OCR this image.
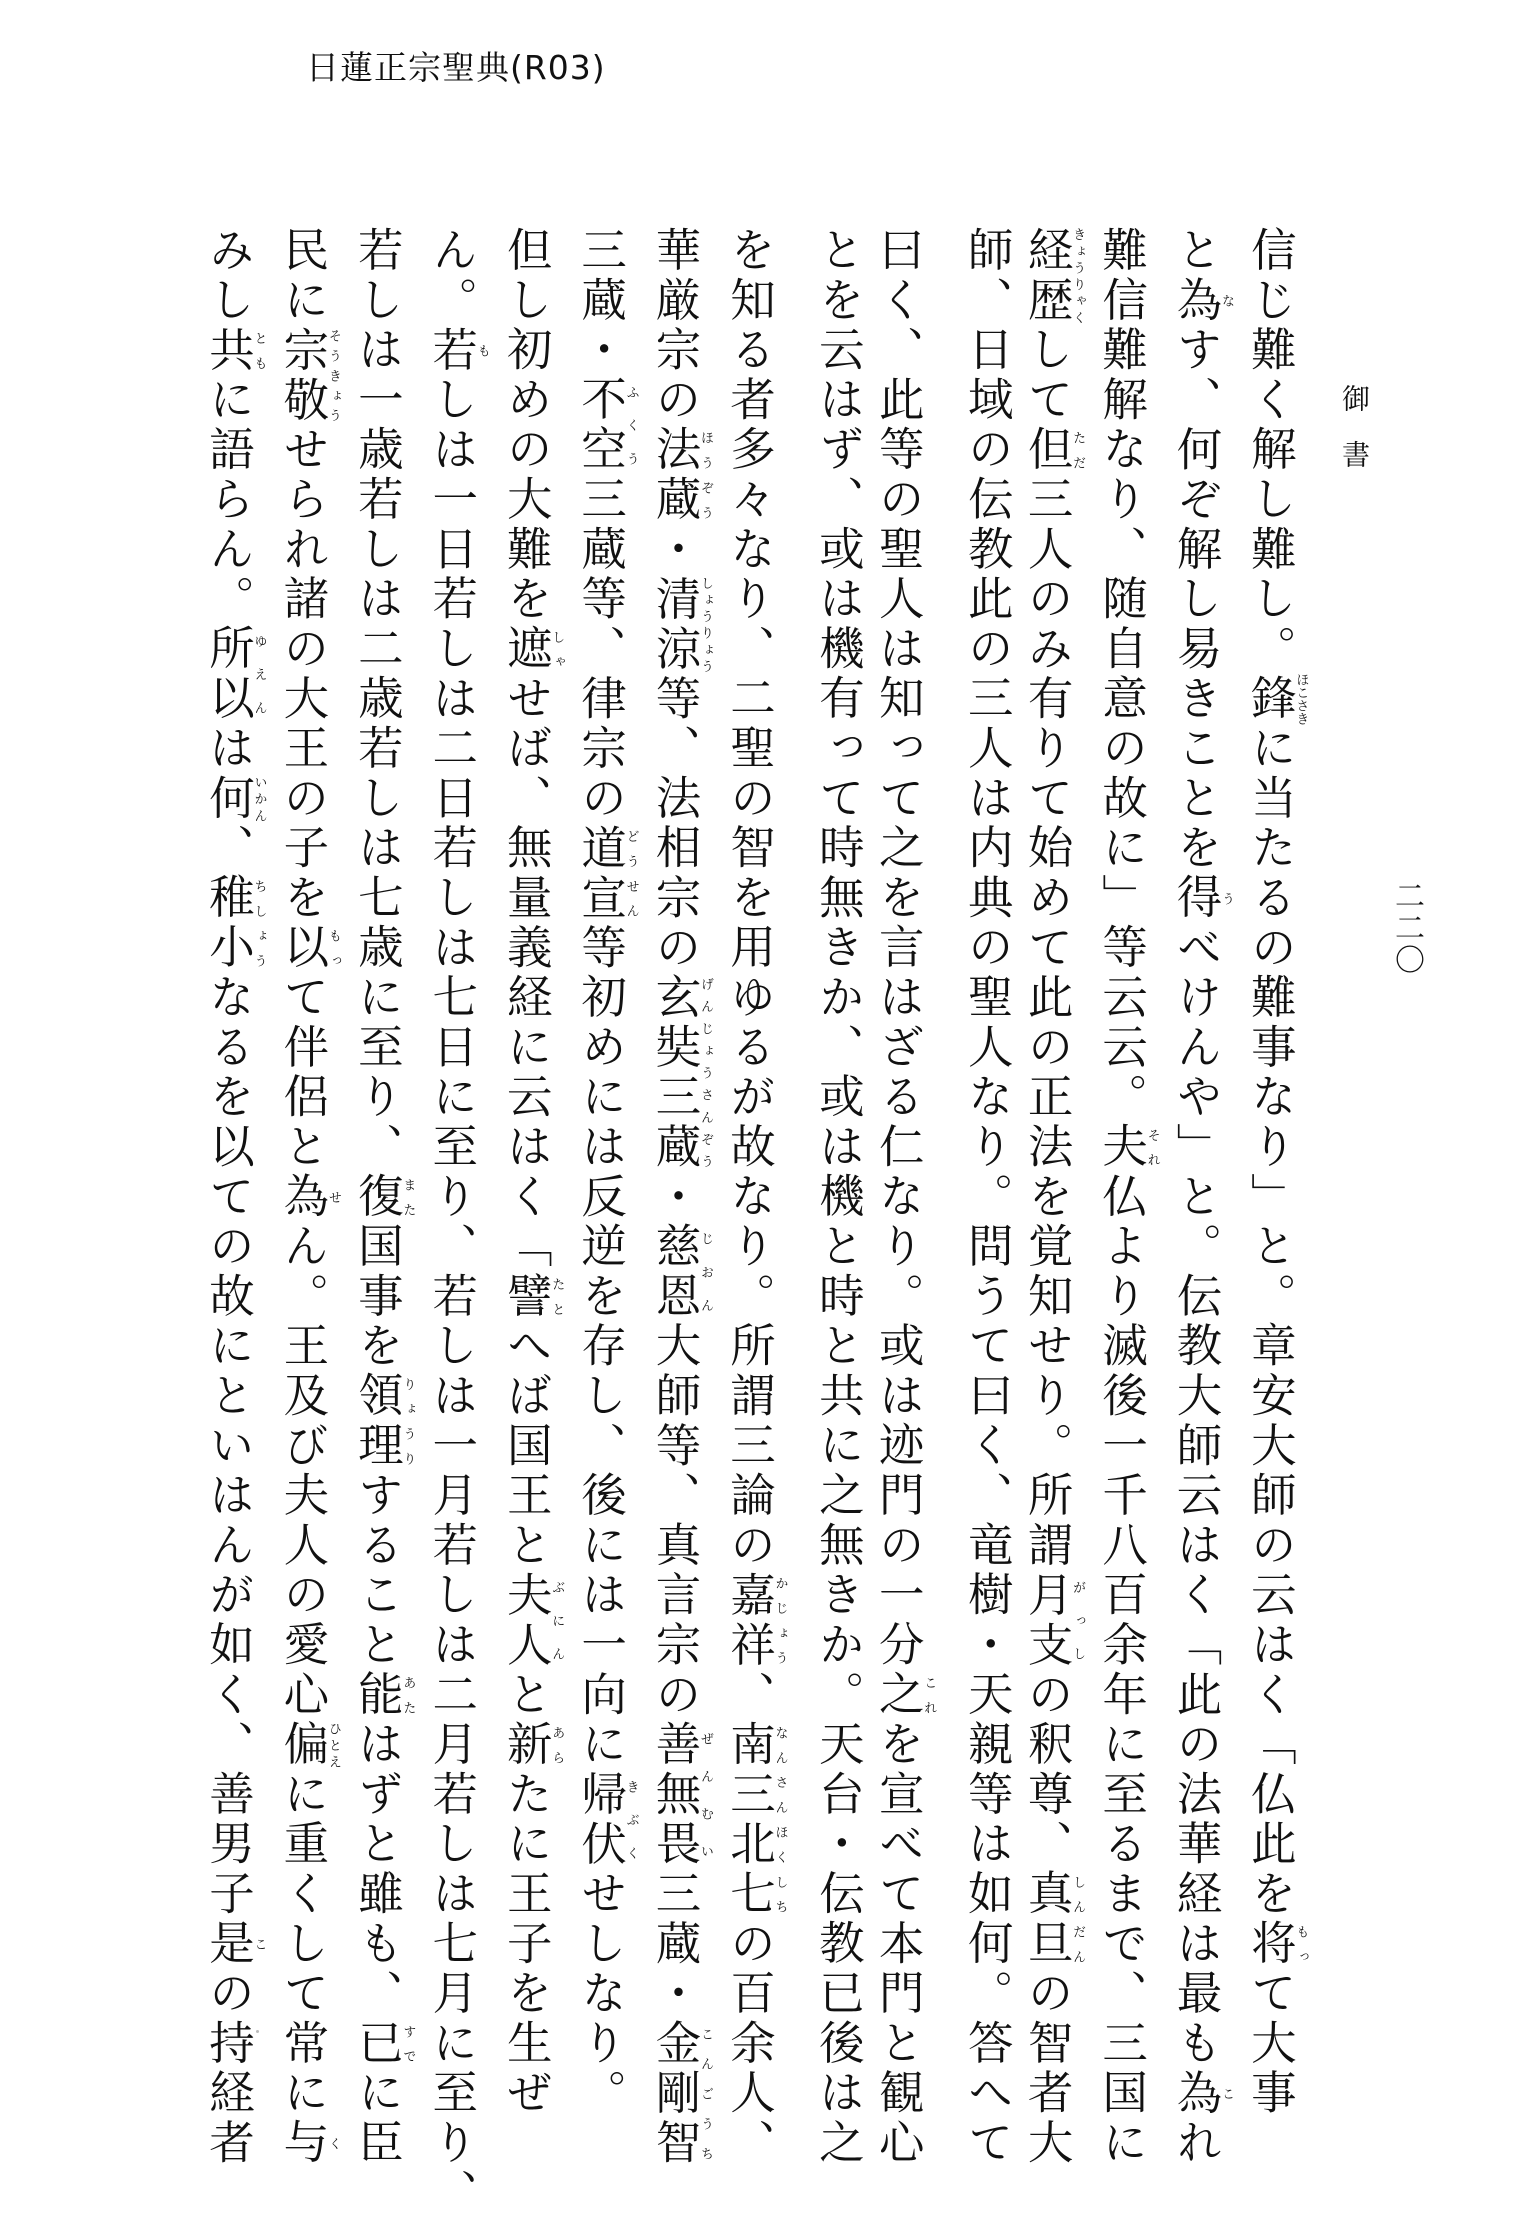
日蓮正宗聖典(R03)
御書
二二〇
信じ難く解し難し。鋒ほこさきに当たるの難事なり」と。章安大師の云はく「仏此を将もって大事
と為なす、何ぞ解し易きことを得うべけんや」と。伝教大師云はく「此の法華経は最も為これ
難信難解なり、随自意の故に」等云云。夫それ仏より滅後一千八百余年に至るまで、三国に
経歴きょうりゃくして但ただ三人のみ有りて始めて此の正法を覚知せり。所謂月支がっしの釈尊、真旦しんだんの智者大
師、日域の伝教此の三人は内典の聖人なり。問うて曰く、竜樹・天親等は如何。答へて
曰く、此等の聖人は知って之を言はざる仁なり。或は迹門の一分之これを宣べて本門と観心
とを云はず、或は機有って時無きか、或は機と時と共に之無きか。天台・伝教已後は之
を知る者多々なり、二聖の智を用ゆるが故なり。所謂三論の嘉祥かじょう、南三北七なんさんほくしちの百余人、
華厳宗の法蔵ほうぞう・清涼しょうりょう等、法相宗の玄奘三蔵げんじょうさんぞう・慈恩じおん大師等、真言宗の善無畏ぜんむい三蔵・金剛智こんごうち
三蔵・不空ふくう三蔵等、律宗の道宣どうせん等初めには反逆を存し、後には一向に帰伏きぶくせしなり。
但し初めの大難を遮しゃせば、無量義経に云はく「譬たとへば国王と夫人ぶにんと新あらたに王子を生ぜ
ん。若もしは一日若しは二日若しは七日に至り、若しは一月若しは二月若しは七月に至り、
若しは一歳若しは二歳若しは七歳に至り、復また国事を領理りょうりすること能あたはずと雖も、已すでに臣
民に宗敬そうきょうせられ諸の大王の子を以もって伴侶と為せん。王及び夫人の愛心偏ひとえに重くして常に与く
みし共ともに語らん。所以ゆえんは何いかん、稚小ちしょうなるを以ての故にといはんが如く、善男子是この持経者
